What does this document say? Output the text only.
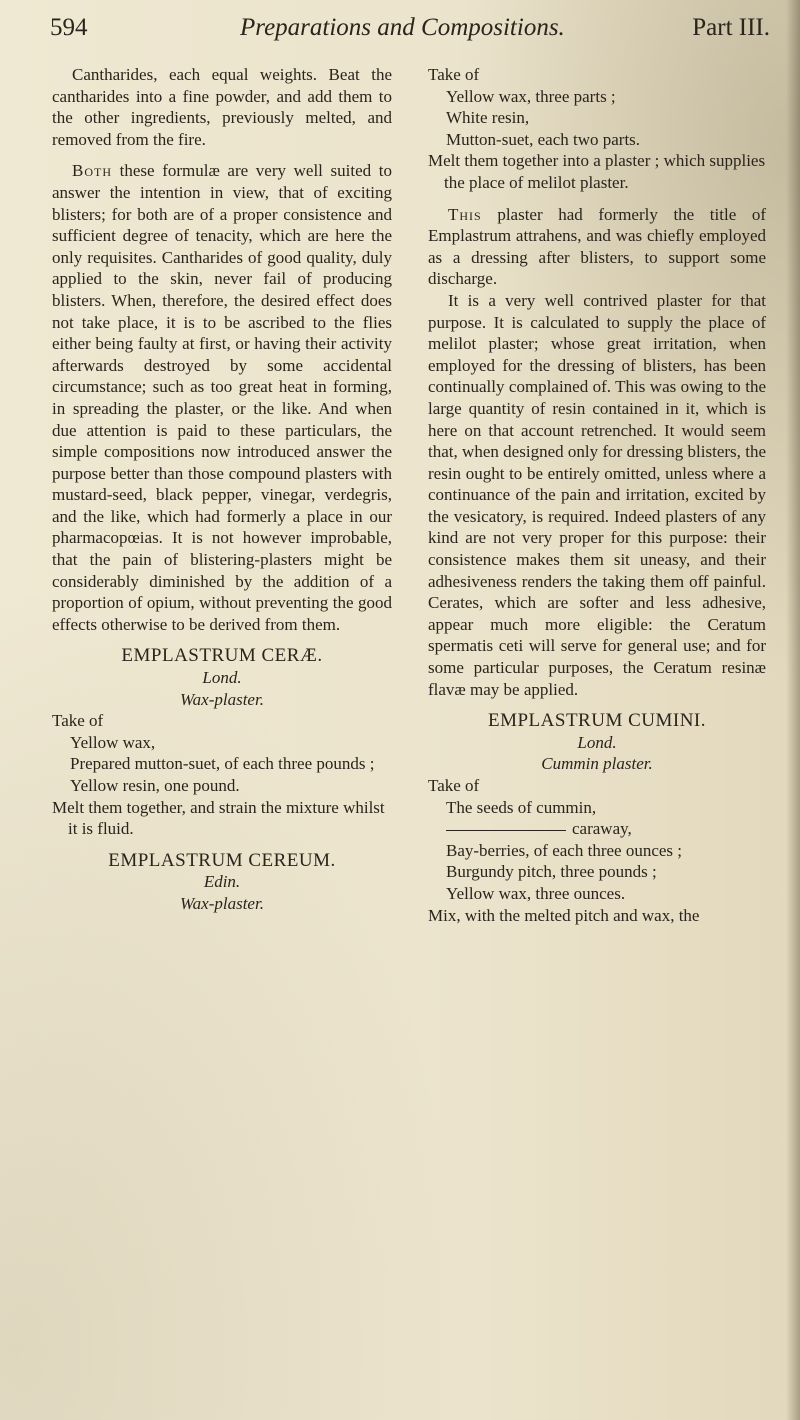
594	Preparations and Compositions.	Part III.

Cantharides, each equal weights. Beat the cantharides into a fine powder, and add them to the other ingredients, previously melted, and removed from the fire.

Both these formulæ are very well suited to answer the intention in view, that of exciting blisters; for both are of a proper consistence and sufficient degree of tenacity, which are here the only requisites. Cantharides of good quality, duly applied to the skin, never fail of producing blisters. When, therefore, the desired effect does not take place, it is to be ascribed to the flies either being faulty at first, or having their activity afterwards destroyed by some accidental circumstance; such as too great heat in forming, in spreading the plaster, or the like. And when due attention is paid to these particulars, the simple compositions now introduced answer the purpose better than those compound plasters with mustard-seed, black pepper, vinegar, verdegris, and the like, which had formerly a place in our pharmacopœias. It is not however improbable, that the pain of blistering-plasters might be considerably diminished by the addition of a proportion of opium, without preventing the good effects otherwise to be derived from them.

EMPLASTRUM CERÆ.

Lond.

Wax-plaster.

Take of

Yellow wax,

Prepared mutton-suet, of each three pounds ;

Yellow resin, one pound.

Melt them together, and strain the mixture whilst it is fluid.

EMPLASTRUM CEREUM.

Edin.

Wax-plaster.

Take of

Yellow wax, three parts ;

White resin,

Mutton-suet, each two parts.

Melt them together into a plaster ; which supplies the place of melilot plaster.

This plaster had formerly the title of Emplastrum attrahens, and was chiefly employed as a dressing after blisters, to support some discharge.

It is a very well contrived plaster for that purpose. It is calculated to supply the place of melilot plaster; whose great irritation, when employed for the dressing of blisters, has been continually complained of. This was owing to the large quantity of resin contained in it, which is here on that account retrenched. It would seem that, when designed only for dressing blisters, the resin ought to be entirely omitted, unless where a continuance of the pain and irritation, excited by the vesicatory, is required. Indeed plasters of any kind are not very proper for this purpose: their consistence makes them sit uneasy, and their adhesiveness renders the taking them off painful. Cerates, which are softer and less adhesive, appear much more eligible: the Ceratum spermatis ceti will serve for general use; and for some particular purposes, the Ceratum resinæ flavæ may be applied.

EMPLASTRUM CUMINI.

Lond.

Cummin plaster.

Take of

The seeds of cummin,

caraway,

Bay-berries, of each three ounces ;

Burgundy pitch, three pounds ;

Yellow wax, three ounces.

Mix, with the melted pitch and wax, the
